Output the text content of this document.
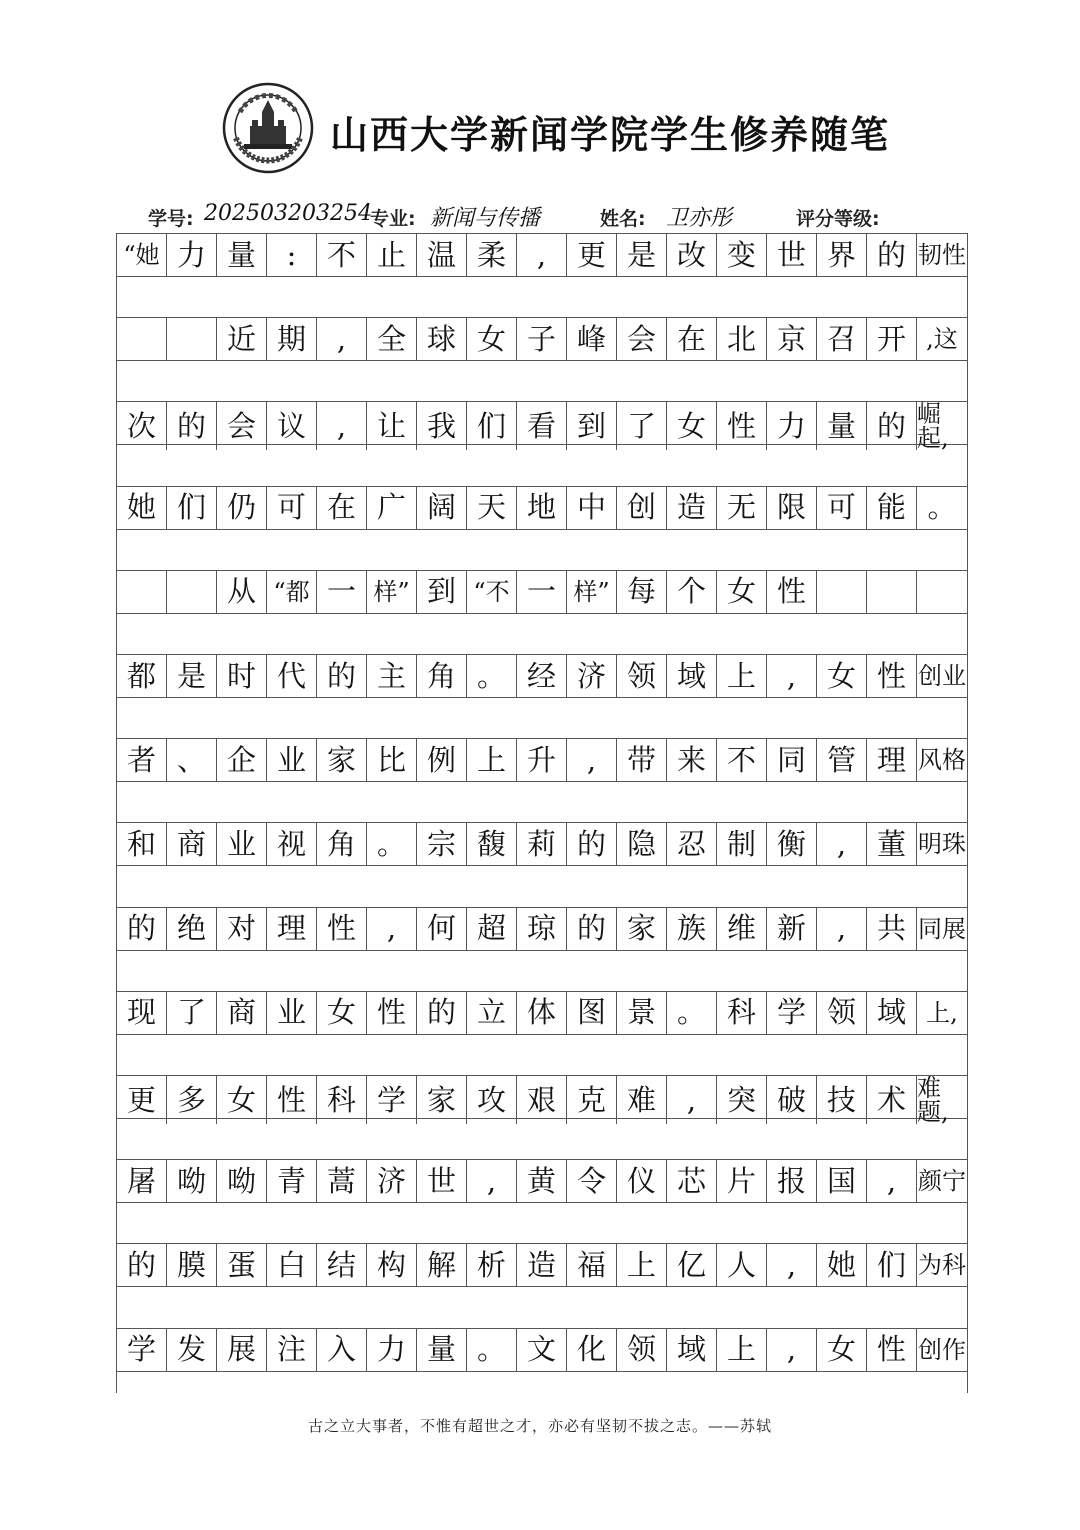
山西大学新闻学院学生修养随笔
学号: 202503203254
专业: 新闻与传播	姓名: 卫亦彤	评分等级:
“她 力 量	:	不 止 温 柔	,	更 是 改 变 世 界 的 韧性
近 期	,	全 球 女 子 峰 会 在 北 京 召 开 ,这
次 的 会 议	,	让 我 们 看 到 了 女 性 力 量 的 崛起,
她 们 仍 可 在 广 阔 天 地 中 创 造 无 限 可 能 。
从 “都 一 样” 到 “不 一 样” 每 个 女 性
都 是 时 代 的 主 角 。 经 济 领 域 上	,	女 性 创业
者 、 企 业 家 比 例 上 升	,	带 来 不 同 管 理 风格
和 商 业 视 角 。 宗 馥 莉 的 隐 忍 制 衡	,	董 明珠
的 绝 对 理 性	,	何 超 琼 的 家 族 维 新	,	共 同展
现 了 商 业 女 性 的 立 体 图 景 。 科 学 领 域 上,
更 多 女 性 科 学 家 攻 艰 克 难	,	突 破 技 术 难题,
屠 呦 呦 青 蒿 济 世	,	黄 令 仪 芯 片 报 国	, 颜宁
的 膜 蛋 白 结 构 解 析 造 福 上 亿 人	,	她 们 为科
学 发 展 注 入 力 量 。 文 化 领 域 上	,	女 性 创作
古之立大事者，不惟有超世之才，亦必有坚韧不拔之志。——苏轼
